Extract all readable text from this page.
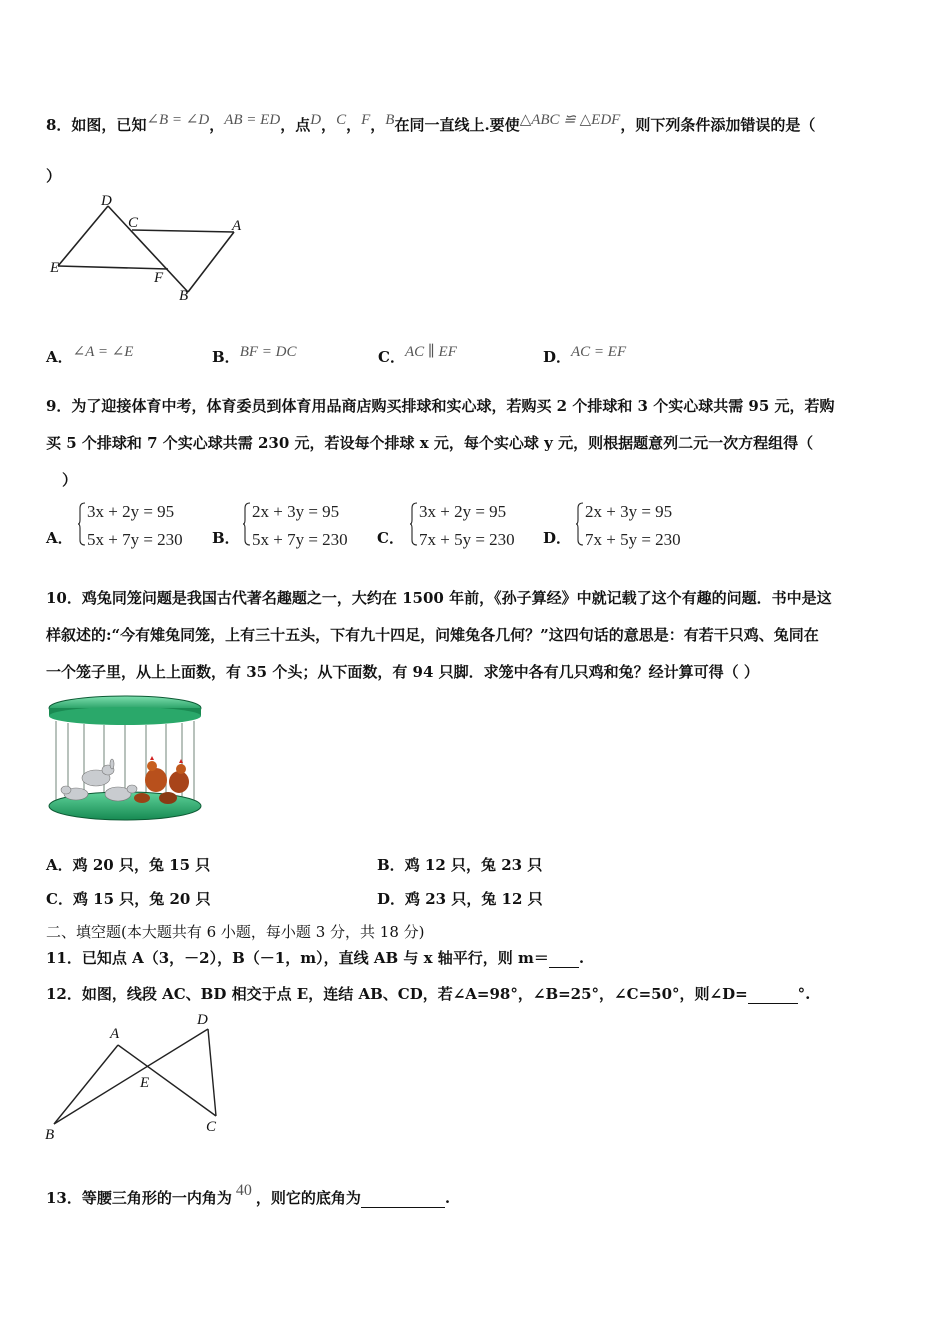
8．如图，已知∠B = ∠D，AB = ED，点D，C，F，B在同一直线上.要使△ABC ≌ △EDF，则下列条件添加错误的是（
）
D
C	A
E
F
B
A．∠A = ∠E	B．BF = DC	C．AC ∥ EF	D．AC = EF
9．为了迎接体育中考，体育委员到体育用品商店购买排球和实心球，若购买 2 个排球和 3 个实心球共需 95 元，若购
买 5 个排球和 7 个实心球共需 230 元，若设每个排球 x 元，每个实心球 y 元，则根据题意列二元一次方程组得（
）
A．
3x + 2y = 95
5x + 7y = 230 B．
2x + 3y = 95
5x + 7y = 230 C．
3x + 2y = 95
7x + 5y = 230 D．
2x + 3y = 95
7x + 5y = 230
10．鸡兔同笼问题是我国古代著名趣题之一，大约在 1500 年前，《孙子算经》中就记载了这个有趣的问题．书中是这
样叙述的:“今有雉兔同笼，上有三十五头，下有九十四足，问雉兔各几何？”这四句话的意思是：有若干只鸡、兔同在
一个笼子里，从上上面数，有 35 个头；从下面数，有 94 只脚．求笼中各有几只鸡和兔？经计算可得（ ）
A．鸡 20 只，兔 15 只	B．鸡 12 只，兔 23 只
C．鸡 15 只，兔 20 只	D．鸡 23 只，兔 12 只
二、填空题(本大题共有 6 小题，每小题 3 分，共 18 分)
11．已知点 A（3，－2），B（－1，m），直线 AB 与 x 轴平行，则 m＝ .
12．如图，线段 AC、BD 相交于点 E，连结 AB、CD，若∠A=98°，∠B=25°，∠C=50°，则∠D=	°.
A
D
E
B	C
13．等腰三角形的一内角为 40 ，则它的底角为	.
